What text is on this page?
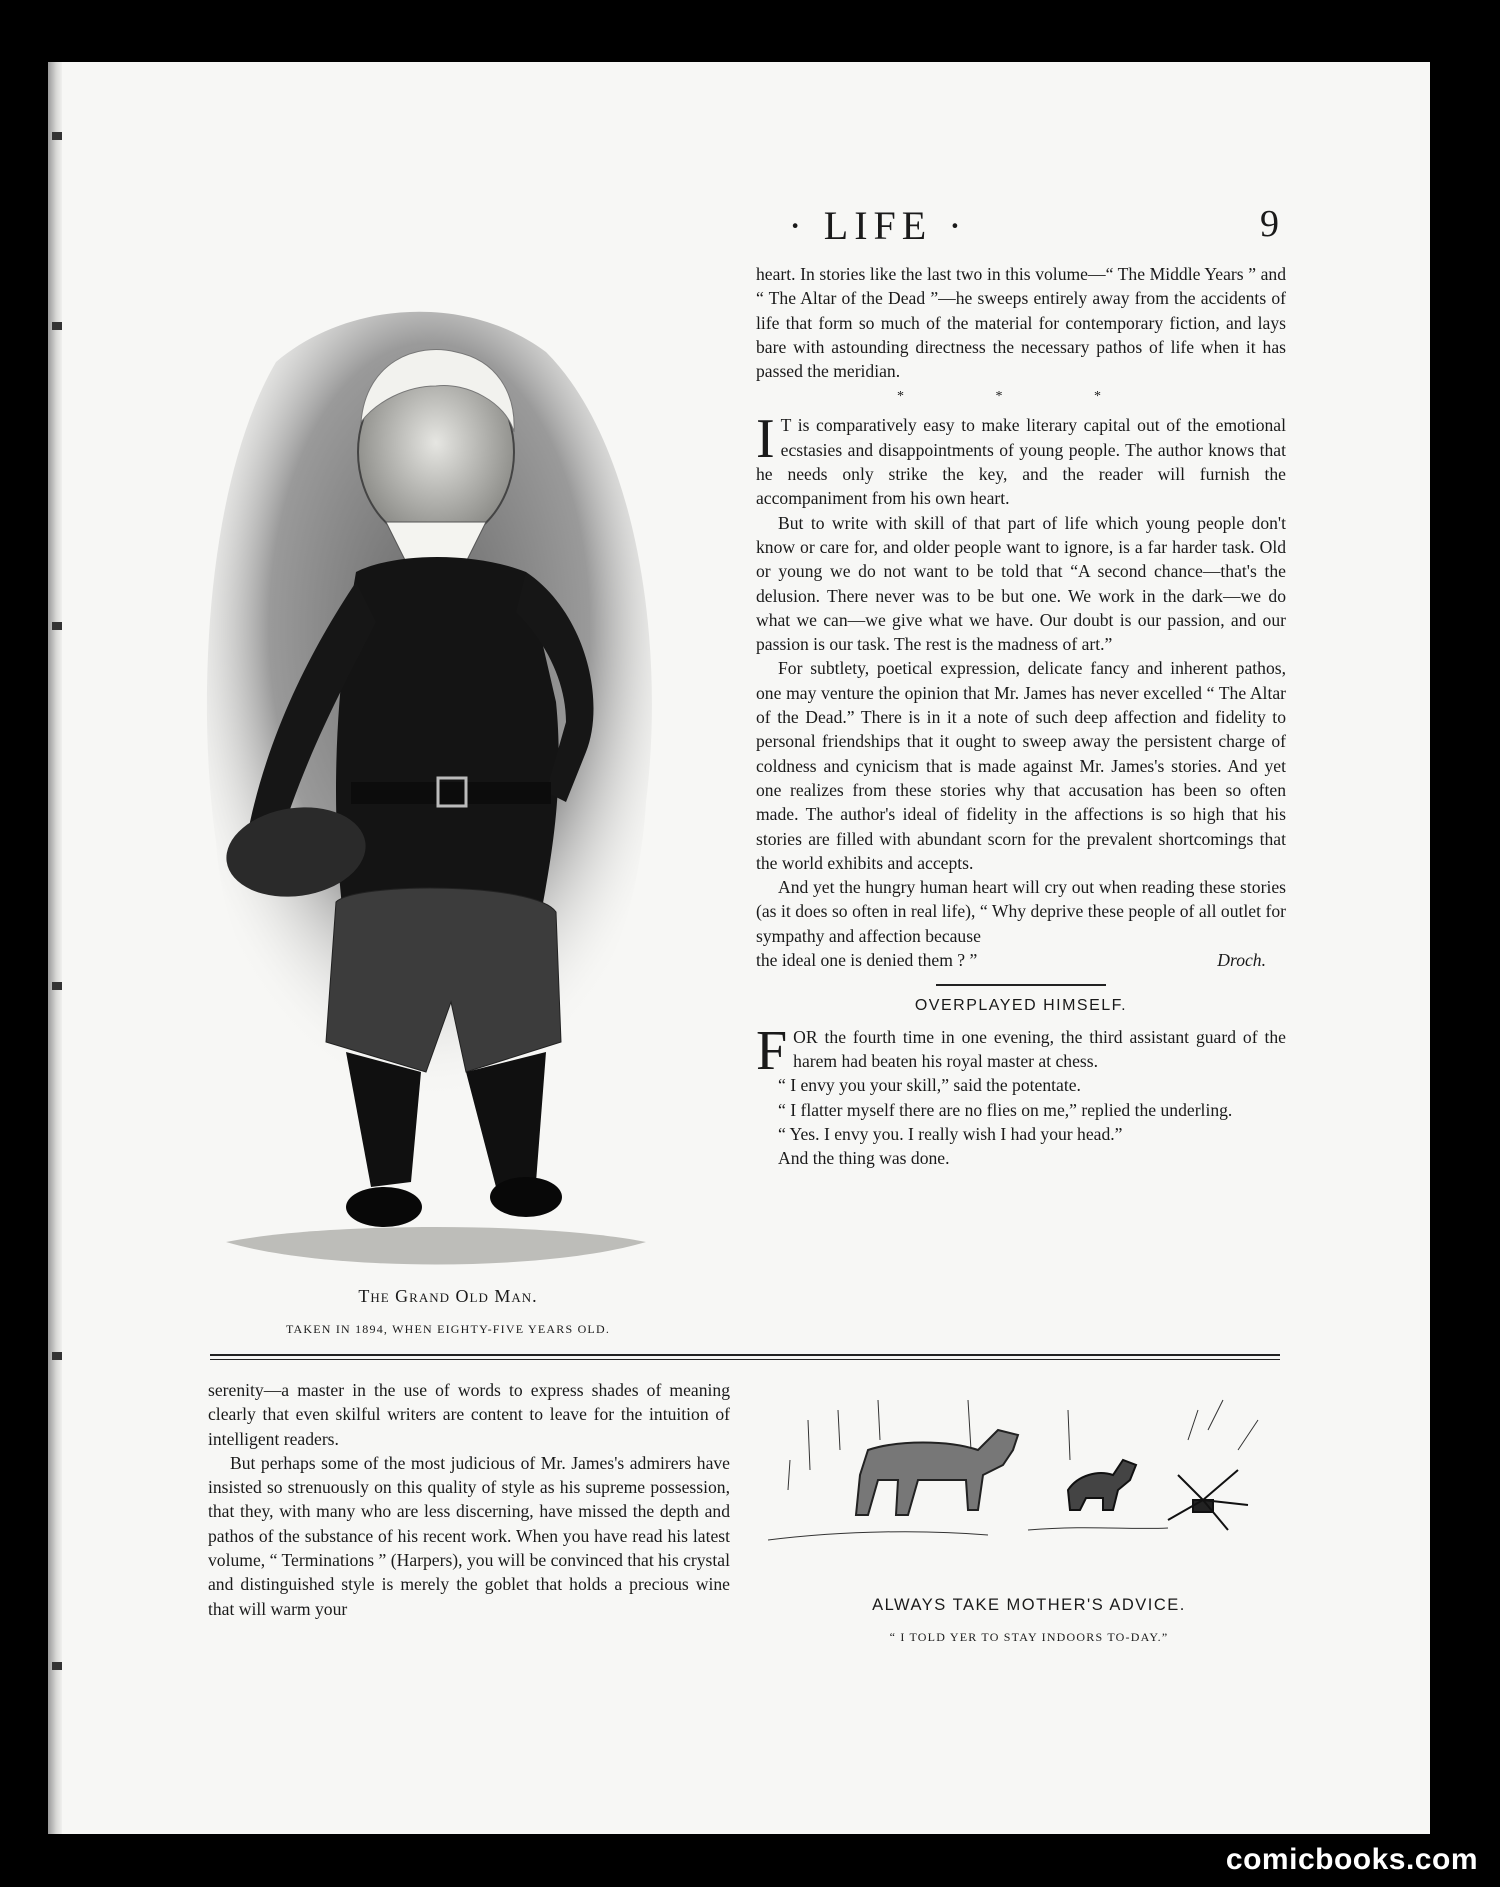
· LIFE ·	9
The Grand Old Man.
TAKEN IN 1894, WHEN EIGHTY-FIVE YEARS OLD.

heart. In stories like the last two in this volume—“ The Middle Years ” and “ The Altar of the Dead ”—he sweeps entirely away from the accidents of life that form so much of the material for contemporary fiction, and lays bare with astounding directness the necessary pathos of life when it has passed the meridian.

* * *

I T is comparatively easy to make literary capital out of the emotional ecstasies and disappointments of young people. The author knows that he needs only strike the key, and the reader will furnish the accompaniment from his own heart.

But to write with skill of that part of life which young people don't know or care for, and older people want to ignore, is a far harder task. Old or young we do not want to be told that “A second chance—that's the delusion. There never was to be but one. We work in the dark—we do what we can—we give what we have. Our doubt is our passion, and our passion is our task. The rest is the madness of art.”

For subtlety, poetical expression, delicate fancy and inherent pathos, one may venture the opinion that Mr. James has never excelled “ The Altar of the Dead.” There is in it a note of such deep affection and fidelity to personal friendships that it ought to sweep away the persistent charge of coldness and cynicism that is made against Mr. James's stories. And yet one realizes from these stories why that accusation has been so often made. The author's ideal of fidelity in the affections is so high that his stories are filled with abundant scorn for the prevalent shortcomings that the world exhibits and accepts.

And yet the hungry human heart will cry out when reading these stories (as it does so often in real life), “ Why deprive these people of all outlet for sympathy and affection because

the ideal one is denied them ? ”	Droch.
OVERPLAYED HIMSELF.

FOR the fourth time in one evening, the third assistant guard of the harem had beaten his royal master at chess.

“ I envy you your skill,” said the potentate.

“ I flatter myself there are no flies on me,” replied the underling.

“ Yes. I envy you. I really wish I had your head.”

And the thing was done.

serenity—a master in the use of words to express shades of meaning clearly that even skilful writers are content to leave for the intuition of intelligent readers.

But perhaps some of the most judicious of Mr. James's admirers have insisted so strenuously on this quality of style as his supreme possession, that they, with many who are less discerning, have missed the depth and pathos of the substance of his recent work. When you have read his latest volume, “ Terminations ” (Harpers), you will be convinced that his crystal and distinguished style is merely the goblet that holds a precious wine that will warm your	ALWAYS TAKE MOTHER'S ADVICE.
“ I TOLD YER TO STAY INDOORS TO-DAY.”
comicbooks.com
